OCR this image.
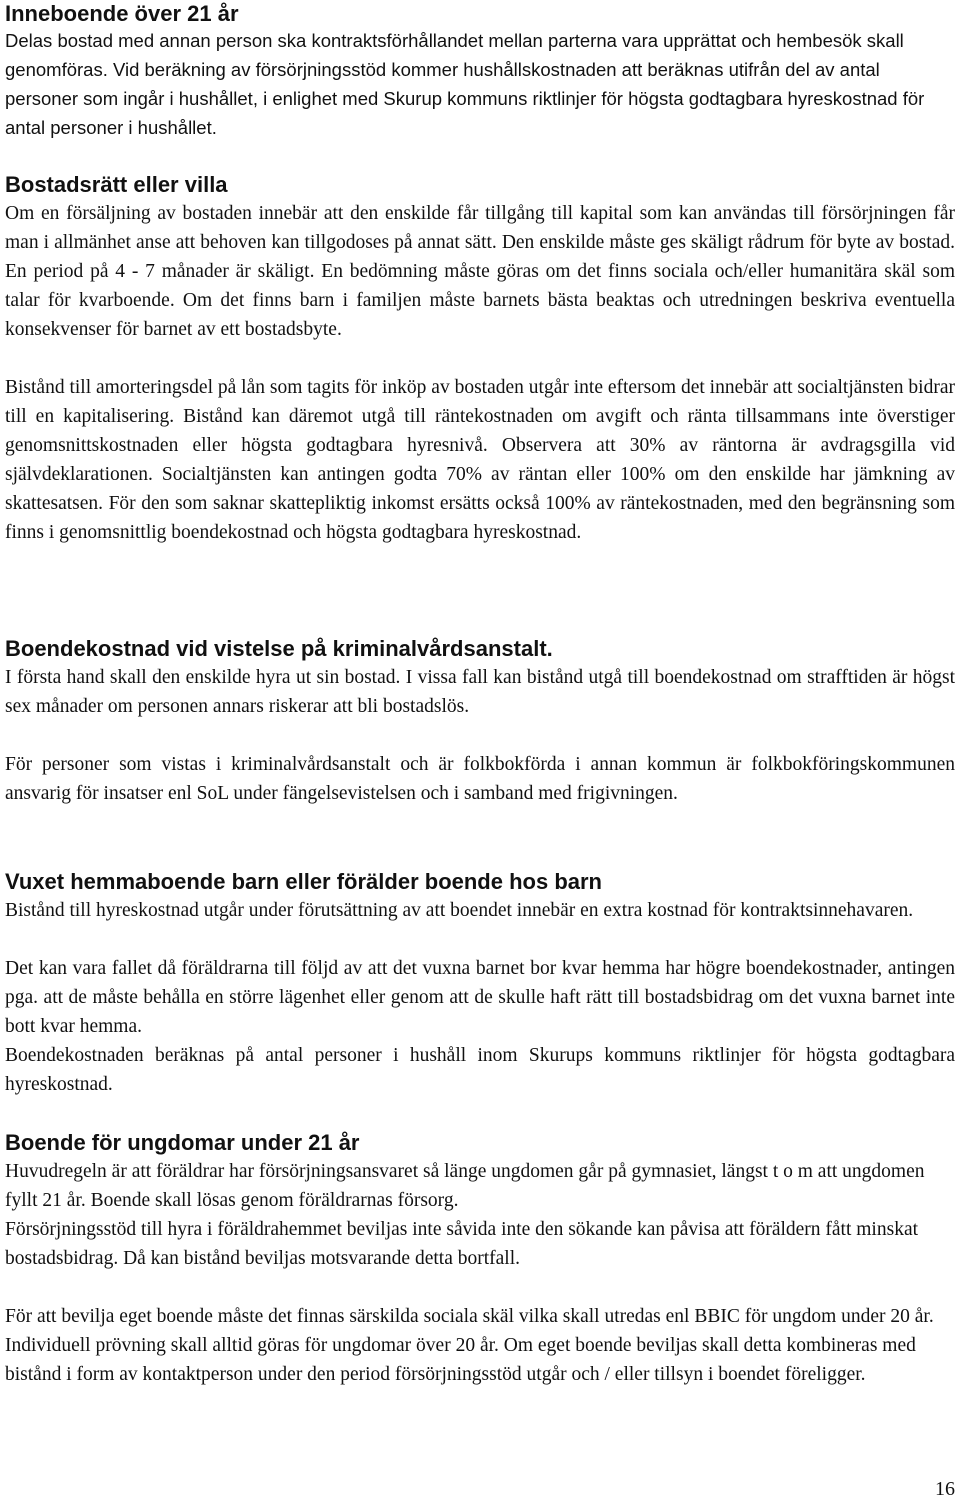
Inneboende över 21 år

Delas bostad med annan person ska kontraktsförhållandet mellan parterna vara upprättat och hembesök skall genomföras. Vid beräkning av försörjningsstöd kommer hushållskostnaden att beräknas utifrån del av antal personer som ingår i hushållet, i enlighet med Skurup kommuns riktlinjer för högsta godtagbara hyreskostnad för antal personer i hushållet.

Bostadsrätt eller villa

Om en försäljning av bostaden innebär att den enskilde får tillgång till kapital som kan användas till försörjningen får man i allmänhet anse att behoven kan tillgodoses på annat sätt. Den enskilde måste ges skäligt rådrum för byte av bostad. En period på 4 - 7 månader är skäligt. En bedömning måste göras om det finns sociala och/eller humanitära skäl som talar för kvarboende. Om det finns barn i familjen måste barnets bästa beaktas och utredningen beskriva eventuella konsekvenser för barnet av ett bostadsbyte.

Bistånd till amorteringsdel på lån som tagits för inköp av bostaden utgår inte eftersom det innebär att socialtjänsten bidrar till en kapitalisering. Bistånd kan däremot utgå till räntekostnaden om avgift och ränta tillsammans inte överstiger genomsnittskostnaden eller högsta godtagbara hyresnivå. Observera att 30% av räntorna är avdragsgilla vid självdeklarationen. Socialtjänsten kan antingen godta 70% av räntan eller 100% om den enskilde har jämkning av skattesatsen. För den som saknar skattepliktig inkomst ersätts också 100% av räntekostnaden, med den begränsning som finns i genomsnittlig boendekostnad och högsta godtagbara hyreskostnad.

Boendekostnad vid vistelse på kriminalvårdsanstalt.

I första hand skall den enskilde hyra ut sin bostad. I vissa fall kan bistånd utgå till boendekostnad om strafftiden är högst sex månader om personen annars riskerar att bli bostadslös.

För personer som vistas i kriminalvårdsanstalt och är folkbokförda i annan kommun är folkbokföringskommunen ansvarig för insatser enl SoL under fängelsevistelsen och i samband med frigivningen.

Vuxet hemmaboende barn eller förälder boende hos barn

Bistånd till hyreskostnad utgår under förutsättning av att boendet innebär en extra kostnad för kontraktsinnehavaren.

Det kan vara fallet då föräldrarna till följd av att det vuxna barnet bor kvar hemma har högre boendekostnader, antingen pga. att de måste behålla en större lägenhet eller genom att de skulle haft rätt till bostadsbidrag om det vuxna barnet inte bott kvar hemma.

Boendekostnaden beräknas på antal personer i hushåll inom Skurups kommuns riktlinjer för högsta godtagbara hyreskostnad.

Boende för ungdomar under 21 år

Huvudregeln är att föräldrar har försörjningsansvaret så länge ungdomen går på gymnasiet, längst t o m att ungdomen fyllt 21 år. Boende skall lösas genom föräldrarnas försorg.

Försörjningsstöd till hyra i föräldrahemmet beviljas inte såvida inte den sökande kan påvisa att föräldern fått minskat bostadsbidrag. Då kan bistånd beviljas motsvarande detta bortfall.

För att bevilja eget boende måste det finnas särskilda sociala skäl vilka skall utredas enl BBIC för ungdom under 20 år. Individuell prövning skall alltid göras för ungdomar över 20 år. Om eget boende beviljas skall detta kombineras med bistånd i form av kontaktperson under den period försörjningsstöd utgår och / eller tillsyn i boendet föreligger.

16
